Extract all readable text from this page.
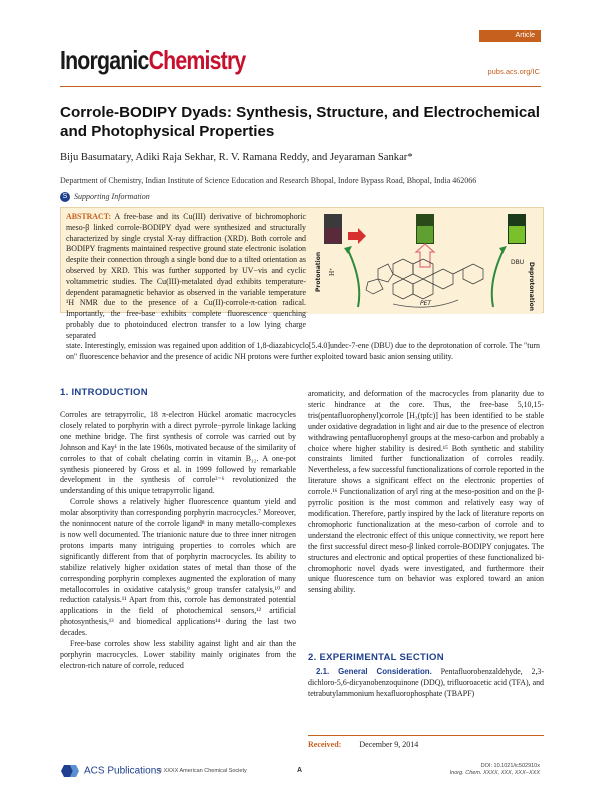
Article
InorganicChemistry	pubs.acs.org/IC
Corrole-BODIPY Dyads: Synthesis, Structure, and Electrochemical and Photophysical Properties
Biju Basumatary, Adiki Raja Sekhar, R. V. Ramana Reddy, and Jeyaraman Sankar*
Department of Chemistry, Indian Institute of Science Education and Research Bhopal, Indore Bypass Road, Bhopal, India 462066
S Supporting Information
ABSTRACT: A free-base and its Cu(III) derivative of bichromophoric meso-β linked corrole-BODIPY dyad were synthesized and structurally characterized by single crystal X-ray diffraction (XRD). Both corrole and BODIPY fragments maintained respective ground state electronic isolation despite their connection through a single bond due to a tilted orientation as observed by XRD. This was further supported by UV−vis and cyclic voltammetric studies. The Cu(III)-metalated dyad exhibits temperature-dependent paramagnetic behavior as observed in the variable temperature ¹H NMR due to the presence of a Cu(II)-corrole-π-cation radical. Importantly, the free-base exhibits complete fluorescence quenching probably due to photoinduced electron transfer to a low lying charge separated
Protonation H⁺	Deprotonation
DBU
PET
state. Interestingly, emission was regained upon addition of 1,8-diazabicyclo[5.4.0]undec-7-ene (DBU) due to the deprotonation of corrole. The "turn on" fluorescence behavior and the presence of acidic NH protons were further exploited toward basic anion sensing utility.
1. INTRODUCTION

Corroles are tetrapyrrolic, 18 π-electron Hückel aromatic macrocycles closely related to porphyrin with a direct pyrrole−pyrrole linkage lacking one methine bridge. The first synthesis of corrole was carried out by Johnson and Kay¹ in the late 1960s, motivated because of the similarity of corroles to that of cobalt chelating corrin in vitamin B₁₂. A one-pot synthesis pioneered by Gross et al. in 1999 followed by remarkable development in the synthesis of corrole²⁻⁶ revolutionized the understanding of this unique tetrapyrrolic ligand.

Corrole shows a relatively higher fluorescence quantum yield and molar absorptivity than corresponding porphyrin macrocycles.⁷ Moreover, the noninnocent nature of the corrole ligand⁸ in many metallo-complexes is now well documented. The trianionic nature due to three inner nitrogen protons imparts many intriguing properties to corroles which are significantly different from that of porphyrin macrocycles. Its ability to stabilize relatively higher oxidation states of metal than those of the corresponding porphyrin complexes augmented the exploration of many metallocorroles in oxidative catalysis,⁹ group transfer catalysis,¹⁰ and reduction catalysis.¹¹ Apart from this, corrole has demonstrated potential applications in the field of photochemical sensors,¹² artificial photosynthesis,¹³ and biomedical applications¹⁴ during the last two decades.

Free-base corroles show less stability against light and air than the porphyrin macrocycles. Lower stability mainly originates from the electron-rich nature of corrole, reduced

aromaticity, and deformation of the macrocycles from planarity due to steric hindrance at the core. Thus, the free-base 5,10,15-tris(pentafluorophenyl)corrole [H₃(tpfc)] has been identified to be stable under oxidative degradation in light and air due to the presence of electron withdrawing pentafluorophenyl groups at the meso-carbon and probably a choice where higher stability is desired.¹⁵ Both synthetic and stability constraints limited further functionalization of corroles readily. Nevertheless, a few successful functionalizations of corrole reported in the literature shows a significant effect on the electronic properties of corrole.¹⁶ Functionalization of aryl ring at the meso-position and on the β-pyrrolic position is the most common and relatively easy way of modification. Therefore, partly inspired by the lack of literature reports on chromophoric functionalization at the meso-carbon of corrole and to understand the electronic effect of this unique connectivity, we report here the first successful direct meso-β linked corrole-BODIPY conjugates. The structures and electronic and optical properties of these functionalized bi-chromophoric novel dyads were investigated, and furthermore their unique fluorescence turn on behavior was explored toward an anion sensing ability.

2. EXPERIMENTAL SECTION
2.1. General Consideration. Pentafluorobenzaldehyde, 2,3-dichloro-5,6-dicyanobenzoquinone (DDQ), trifluoroacetic acid (TFA), and tetrabutylammonium hexafluorophosphate (TBAPF)
Received: December 9, 2014
ACS Publications
© XXXX American Chemical Society	A
DOI: 10.1021/ic502910x
Inorg. Chem. XXXX, XXX, XXX−XXX
